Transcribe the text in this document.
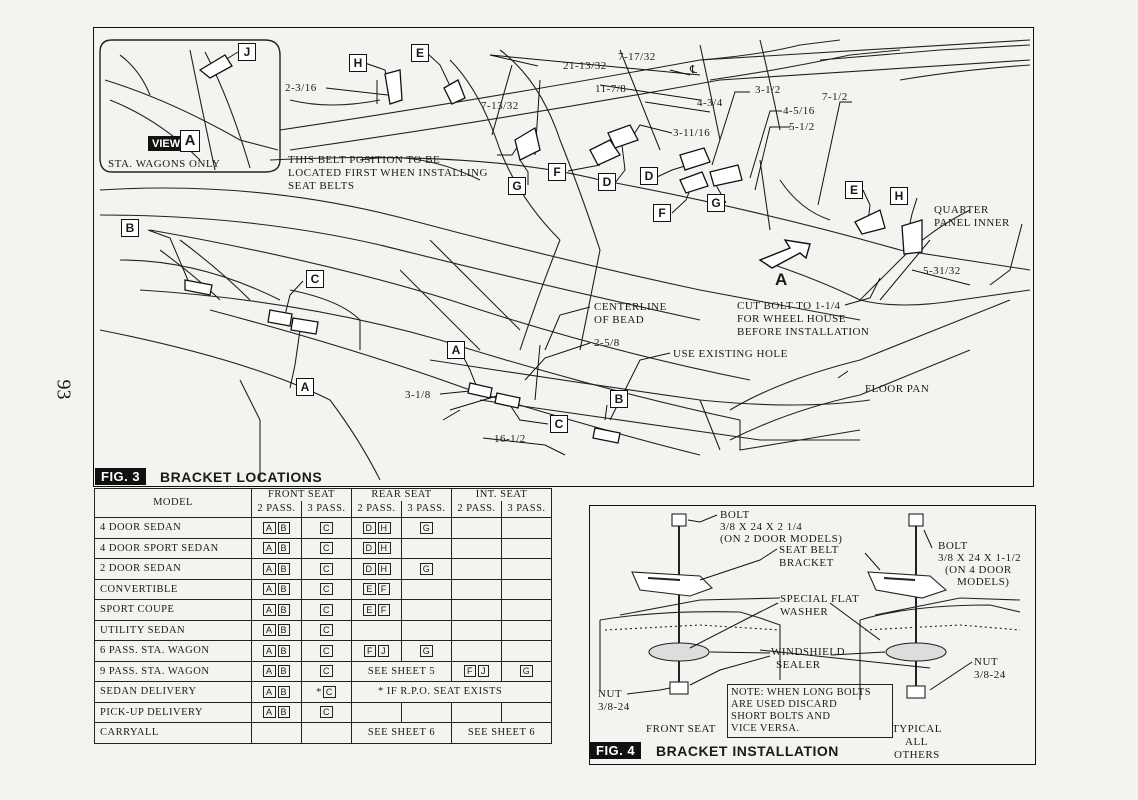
93
VIEW A
STA. WAGONS ONLY
J
H
E
G
F
D	D
F
G
E	H
B
C
A
A
C
B
A
2-3/16
21-13/32
7-17/32
℄
7-13/32
11-7/8	3-1/2
4-3/4
4-5/16
7-1/2
5-1/2
3-11/16
5-31/32
2-5/8
3-1/8
16-1/2
THIS BELT POSITION TO BE
LOCATED FIRST WHEN INSTALLING
SEAT BELTS
QUARTER
PANEL INNER
CENTERLINE
OF BEAD
CUT BOLT TO 1-1/4
FOR WHEEL HOUSE
BEFORE INSTALLATION
USE EXISTING HOLE
FLOOR PAN
FIG. 3	BRACKET LOCATIONS
MODEL	FRONT SEAT		REAR SEAT		INT. SEAT	
	2 PASS.	3 PASS.	2 PASS.	3 PASS.	2 PASS.	3 PASS.
4 DOOR SEDAN	A B	C	D H	G		
4 DOOR SPORT SEDAN	A B	C	D H			
2 DOOR SEDAN	A B	C	D H	G		
CONVERTIBLE	A B	C	E F			
SPORT COUPE	A B	C	E F			
UTILITY SEDAN	A B	C				
6 PASS. STA. WAGON	A B	C	F J	G		
9 PASS. STA. WAGON	A B	C	SEE SHEET 5		F J	G
SEDAN DELIVERY	A B	* C	* IF R.P.O. SEAT EXISTS			
PICK-UP DELIVERY	A B	C				
CARRYALL			SEE SHEET 6		SEE SHEET 6	
BOLT
3/8 X 24 X 2 1/4
(ON 2 DOOR MODELS)
BOLT
3/8 X 24 X 1-1/2
(ON 4 DOOR
MODELS)
SEAT BELT
BRACKET
SPECIAL FLAT
WASHER
WINDSHIELD
SEALER
NUT
3/8-24
NUT
3/8-24
FRONT SEAT	TYPICAL
ALL
OTHERS
NOTE: WHEN LONG BOLTS
ARE USED DISCARD
SHORT BOLTS AND
VICE VERSA.
FIG. 4	BRACKET INSTALLATION
